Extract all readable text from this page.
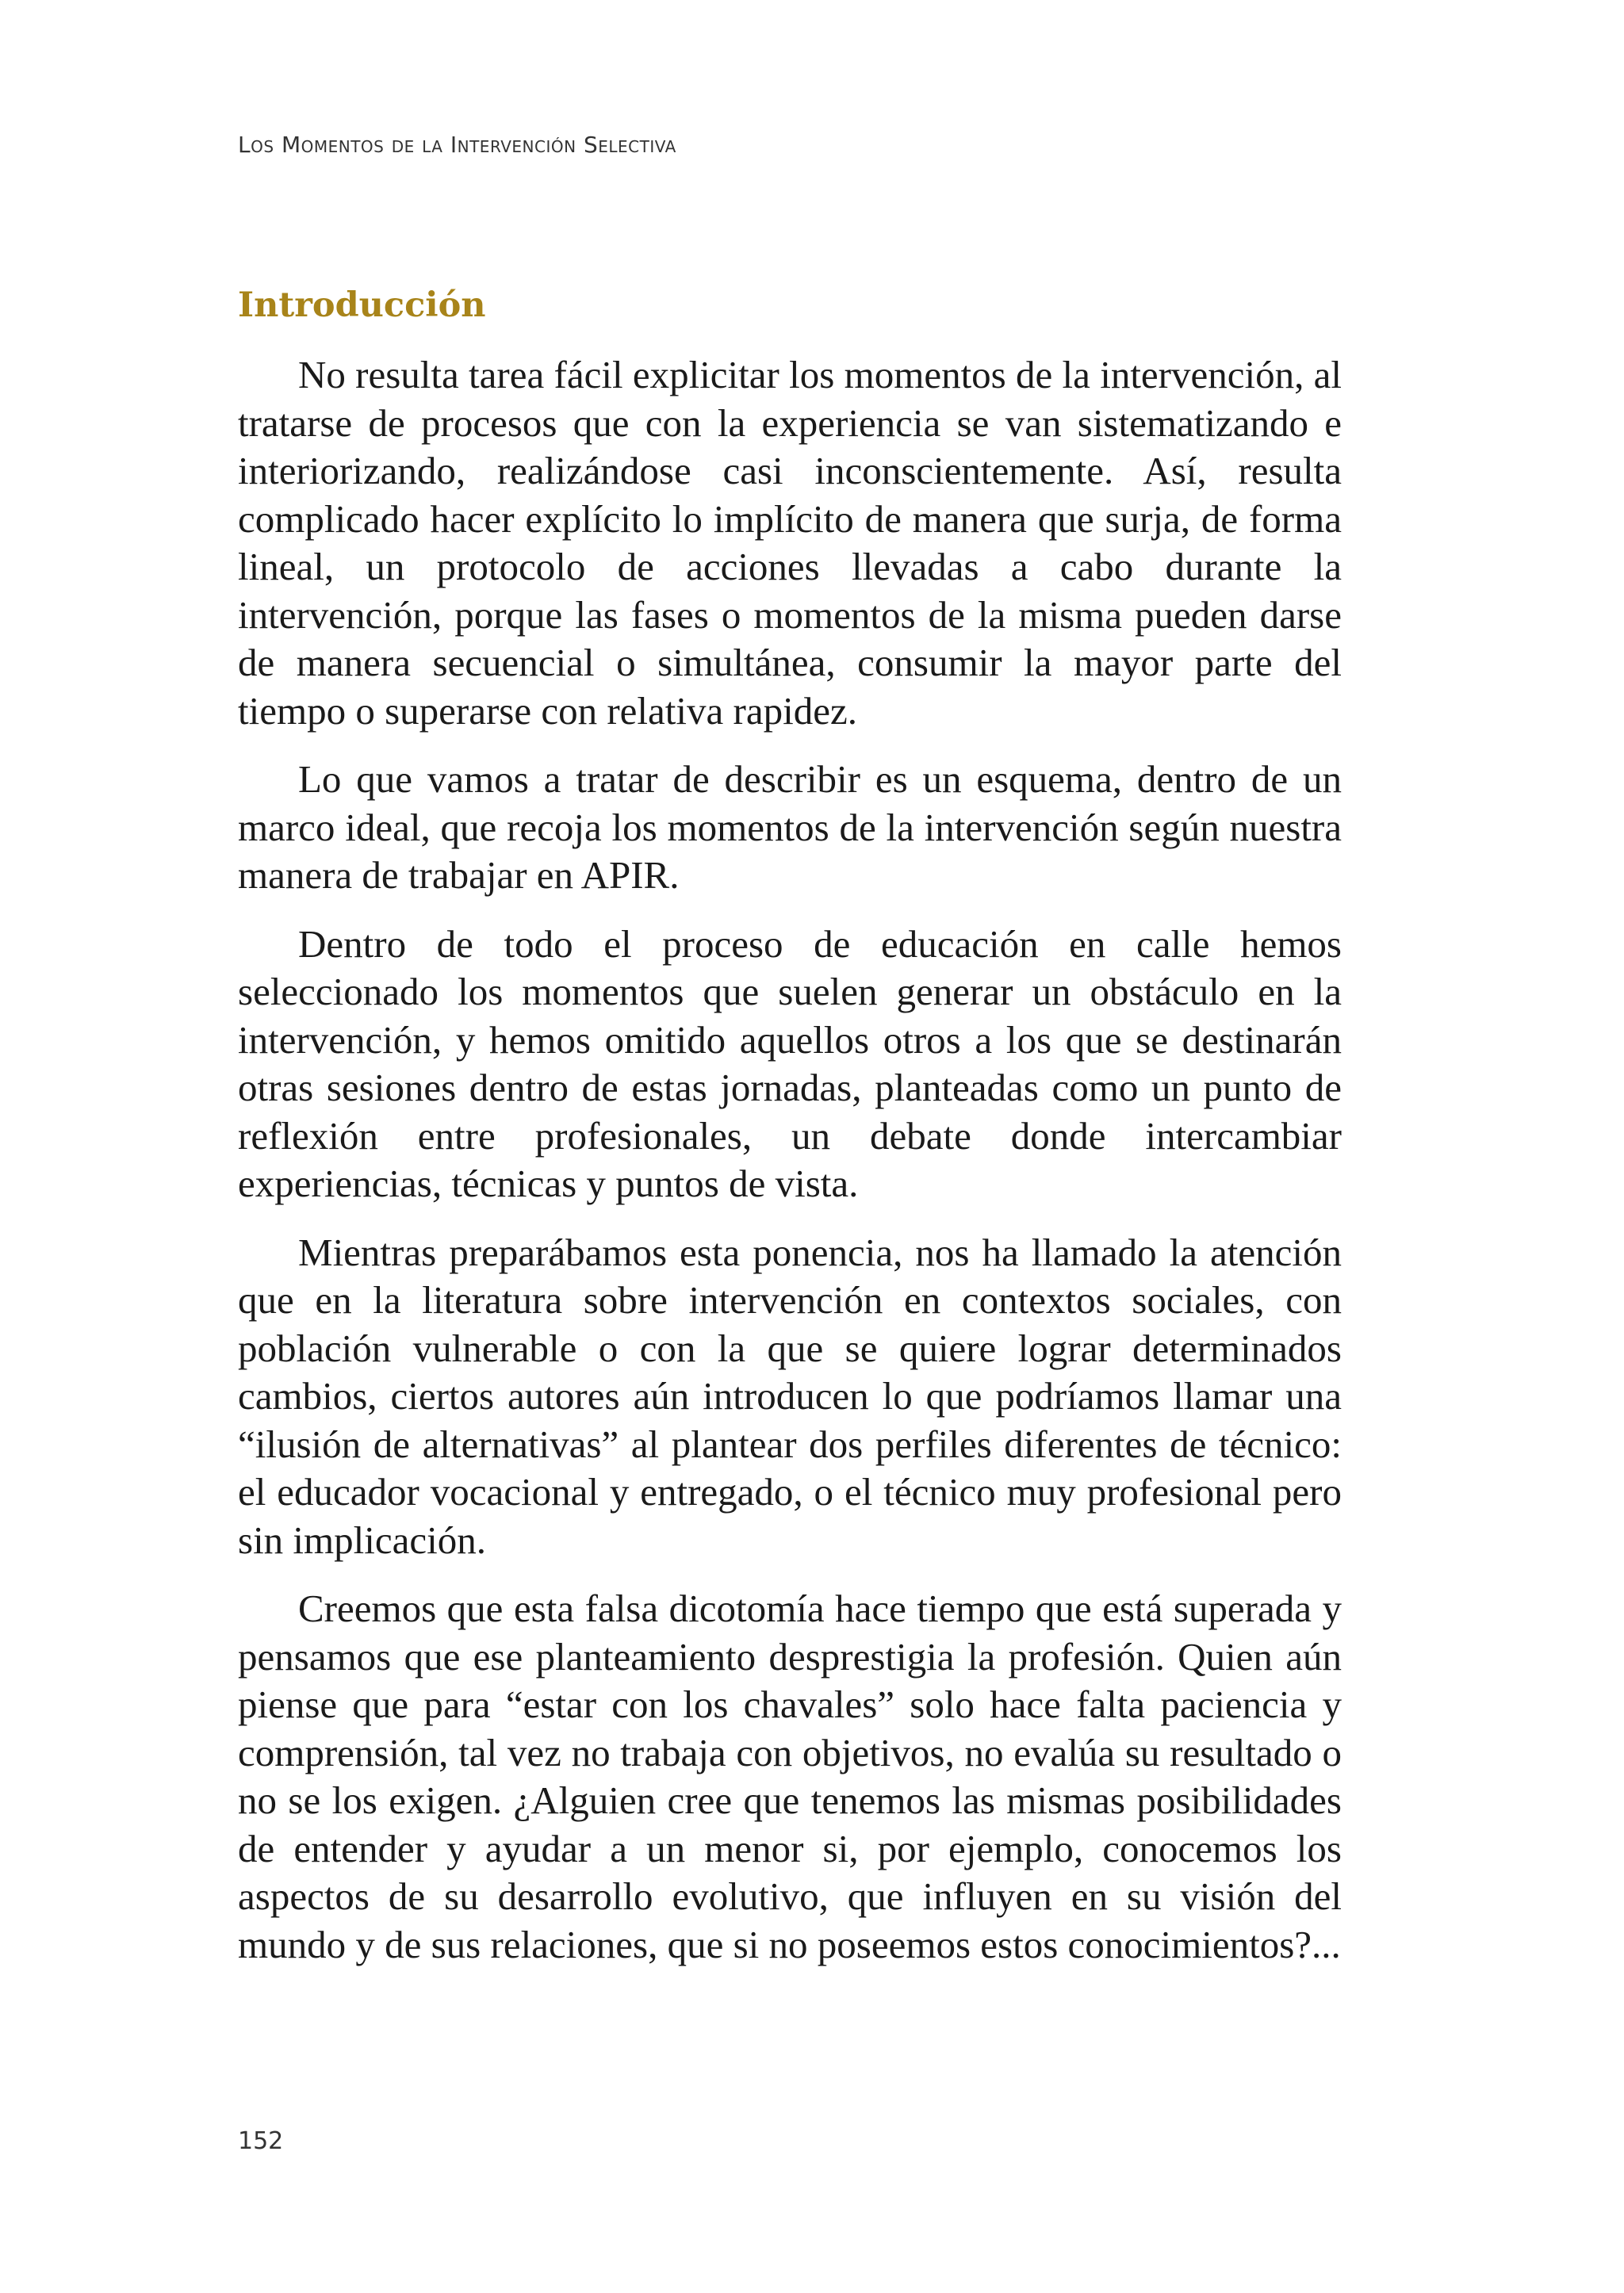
Los Momentos de la Intervención Selectiva
Introducción

No resulta tarea fácil explicitar los momentos de la intervención, al tratarse de procesos que con la experiencia se van sistematizando e interiorizando, realizándose casi inconscientemente. Así, resulta complicado hacer explícito lo implícito de manera que surja, de forma lineal, un protocolo de acciones llevadas a cabo durante la intervención, porque las fases o momentos de la misma pueden darse de manera secuencial o simultánea, consumir la mayor parte del tiempo o superarse con relativa rapidez.

Lo que vamos a tratar de describir es un esquema, dentro de un marco ideal, que recoja los momentos de la intervención según nuestra manera de trabajar en APIR.

Dentro de todo el proceso de educación en calle hemos seleccionado los momentos que suelen generar un obstáculo en la intervención, y hemos omitido aquellos otros a los que se destinarán otras sesiones dentro de estas jornadas, planteadas como un punto de reflexión entre profesionales, un debate donde intercambiar experiencias, técnicas y puntos de vista.

Mientras preparábamos esta ponencia, nos ha llamado la atención que en la literatura sobre intervención en contextos sociales, con población vulnerable o con la que se quiere lograr determinados cambios, ciertos autores aún introducen lo que podríamos llamar una “ilusión de alternativas” al plantear dos perfiles diferentes de técnico: el educador vocacional y entregado, o el técnico muy profesional pero sin implicación.

Creemos que esta falsa dicotomía hace tiempo que está superada y pensamos que ese planteamiento desprestigia la profesión. Quien aún piense que para “estar con los chavales” solo hace falta paciencia y comprensión, tal vez no trabaja con objetivos, no evalúa su resultado o no se los exigen. ¿Alguien cree que tenemos las mismas posibilidades de entender y ayudar a un menor si, por ejemplo, conocemos los aspectos de su desarrollo evolutivo, que influyen en su visión del mundo y de sus relaciones, que si no poseemos estos conocimientos?...

152
